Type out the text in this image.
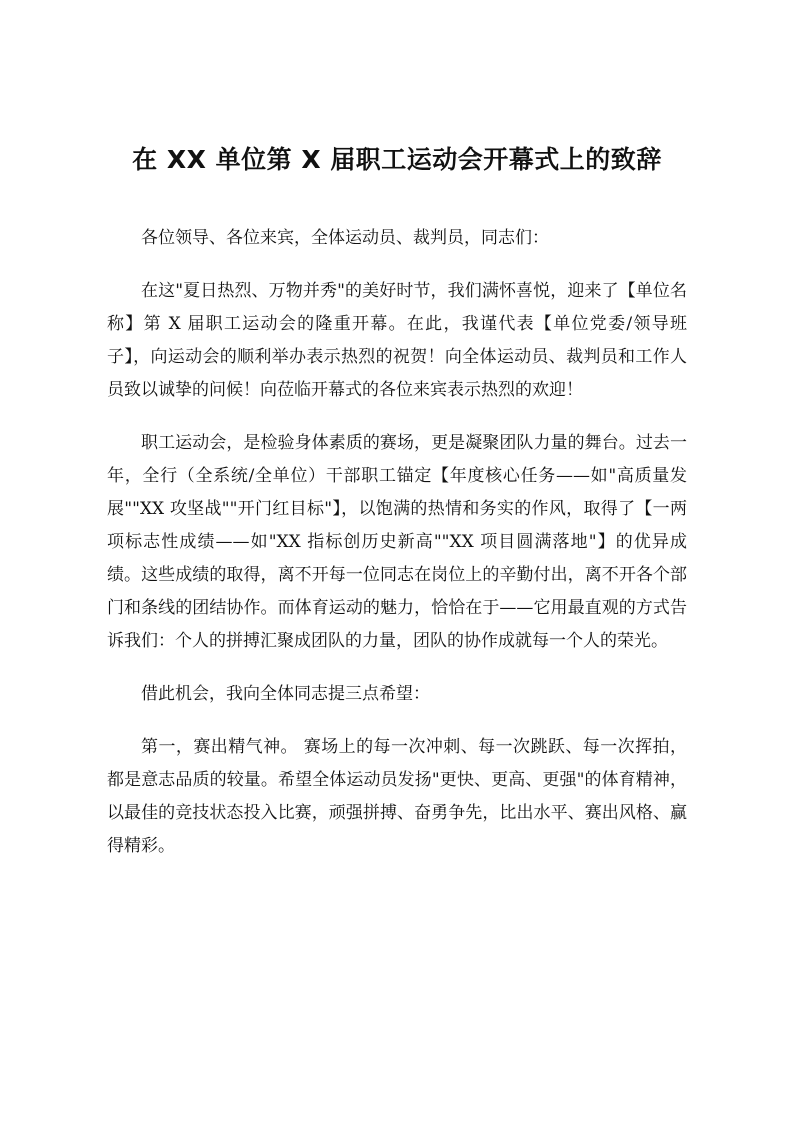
在 XX 单位第 X 届职工运动会开幕式上的致辞

各位领导、各位来宾，全体运动员、裁判员，同志们：

在这"夏日热烈、万物并秀"的美好时节，我们满怀喜悦，迎来了【单位名称】第 X 届职工运动会的隆重开幕。在此，我谨代表【单位党委/领导班子】，向运动会的顺利举办表示热烈的祝贺！向全体运动员、裁判员和工作人员致以诚挚的问候！向莅临开幕式的各位来宾表示热烈的欢迎！

职工运动会，是检验身体素质的赛场，更是凝聚团队力量的舞台。过去一年，全行（全系统/全单位）干部职工锚定【年度核心任务——如"高质量发展""XX 攻坚战""开门红目标"】，以饱满的热情和务实的作风，取得了【一两项标志性成绩——如"XX 指标创历史新高""XX 项目圆满落地"】的优异成绩。这些成绩的取得，离不开每一位同志在岗位上的辛勤付出，离不开各个部门和条线的团结协作。而体育运动的魅力，恰恰在于——它用最直观的方式告诉我们：个人的拼搏汇聚成团队的力量，团队的协作成就每一个人的荣光。

借此机会，我向全体同志提三点希望：

第一，赛出精气神。 赛场上的每一次冲刺、每一次跳跃、每一次挥拍，都是意志品质的较量。希望全体运动员发扬"更快、更高、更强"的体育精神，以最佳的竞技状态投入比赛，顽强拼搏、奋勇争先，比出水平、赛出风格、赢得精彩。
